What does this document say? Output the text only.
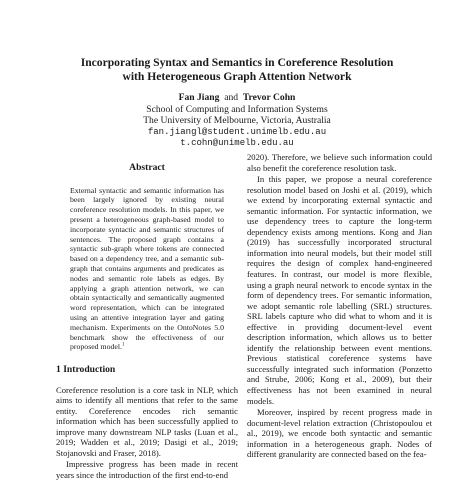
Incorporating Syntax and Semantics in Coreference Resolution
with Heterogeneous Graph Attention Network
Fan Jiang and Trevor Cohn
School of Computing and Information Systems
The University of Melbourne, Victoria, Australia
fan.jiangl@student.unimelb.edu.au
t.cohn@unimelb.edu.au
Abstract

External syntactic and semantic information has been largely ignored by existing neural coreference resolution models. In this paper, we present a heterogeneous graph-based model to incorporate syntactic and semantic structures of sentences. The proposed graph contains a syntactic sub-graph where tokens are connected based on a dependency tree, and a semantic sub-graph that contains arguments and predicates as nodes and semantic role labels as edges. By applying a graph attention network, we can obtain syntactically and semantically augmented word representation, which can be integrated using an attentive integration layer and gating mechanism. Experiments on the OntoNotes 5.0 benchmark show the effectiveness of our proposed model.$^1$

1 Introduction

Coreference resolution is a core task in NLP, which aims to identify all mentions that refer to the same entity. Coreference encodes rich semantic information which has been successfully applied to improve many downstream NLP tasks (Luan et al., 2019; Wadden et al., 2019; Dasigi et al., 2019; Stojanovski and Fraser, 2018).

Impressive progress has been made in recent years since the introduction of the first end-to-end

2020). Therefore, we believe such information could also benefit the coreference resolution task.

In this paper, we propose a neural coreference resolution model based on Joshi et al. (2019), which we extend by incorporating external syntactic and semantic information. For syntactic information, we use dependency trees to capture the long-term dependency exists among mentions. Kong and Jian (2019) has successfully incorporated structural information into neural models, but their model still requires the design of complex hand-engineered features. In contrast, our model is more flexible, using a graph neural network to encode syntax in the form of dependency trees. For semantic information, we adopt semantic role labelling (SRL) structures. SRL labels capture who did what to whom and it is effective in providing document-level event description information, which allows us to better identify the relationship between event mentions. Previous statistical coreference systems have successfully integrated such information (Ponzetto and Strube, 2006; Kong et al., 2009), but their effectiveness has not been examined in neural models.

Moreover, inspired by recent progress made in document-level relation extraction (Christopoulou et al., 2019), we encode both syntactic and semantic information in a heterogeneous graph. Nodes of different granularity are connected based on the fea-
